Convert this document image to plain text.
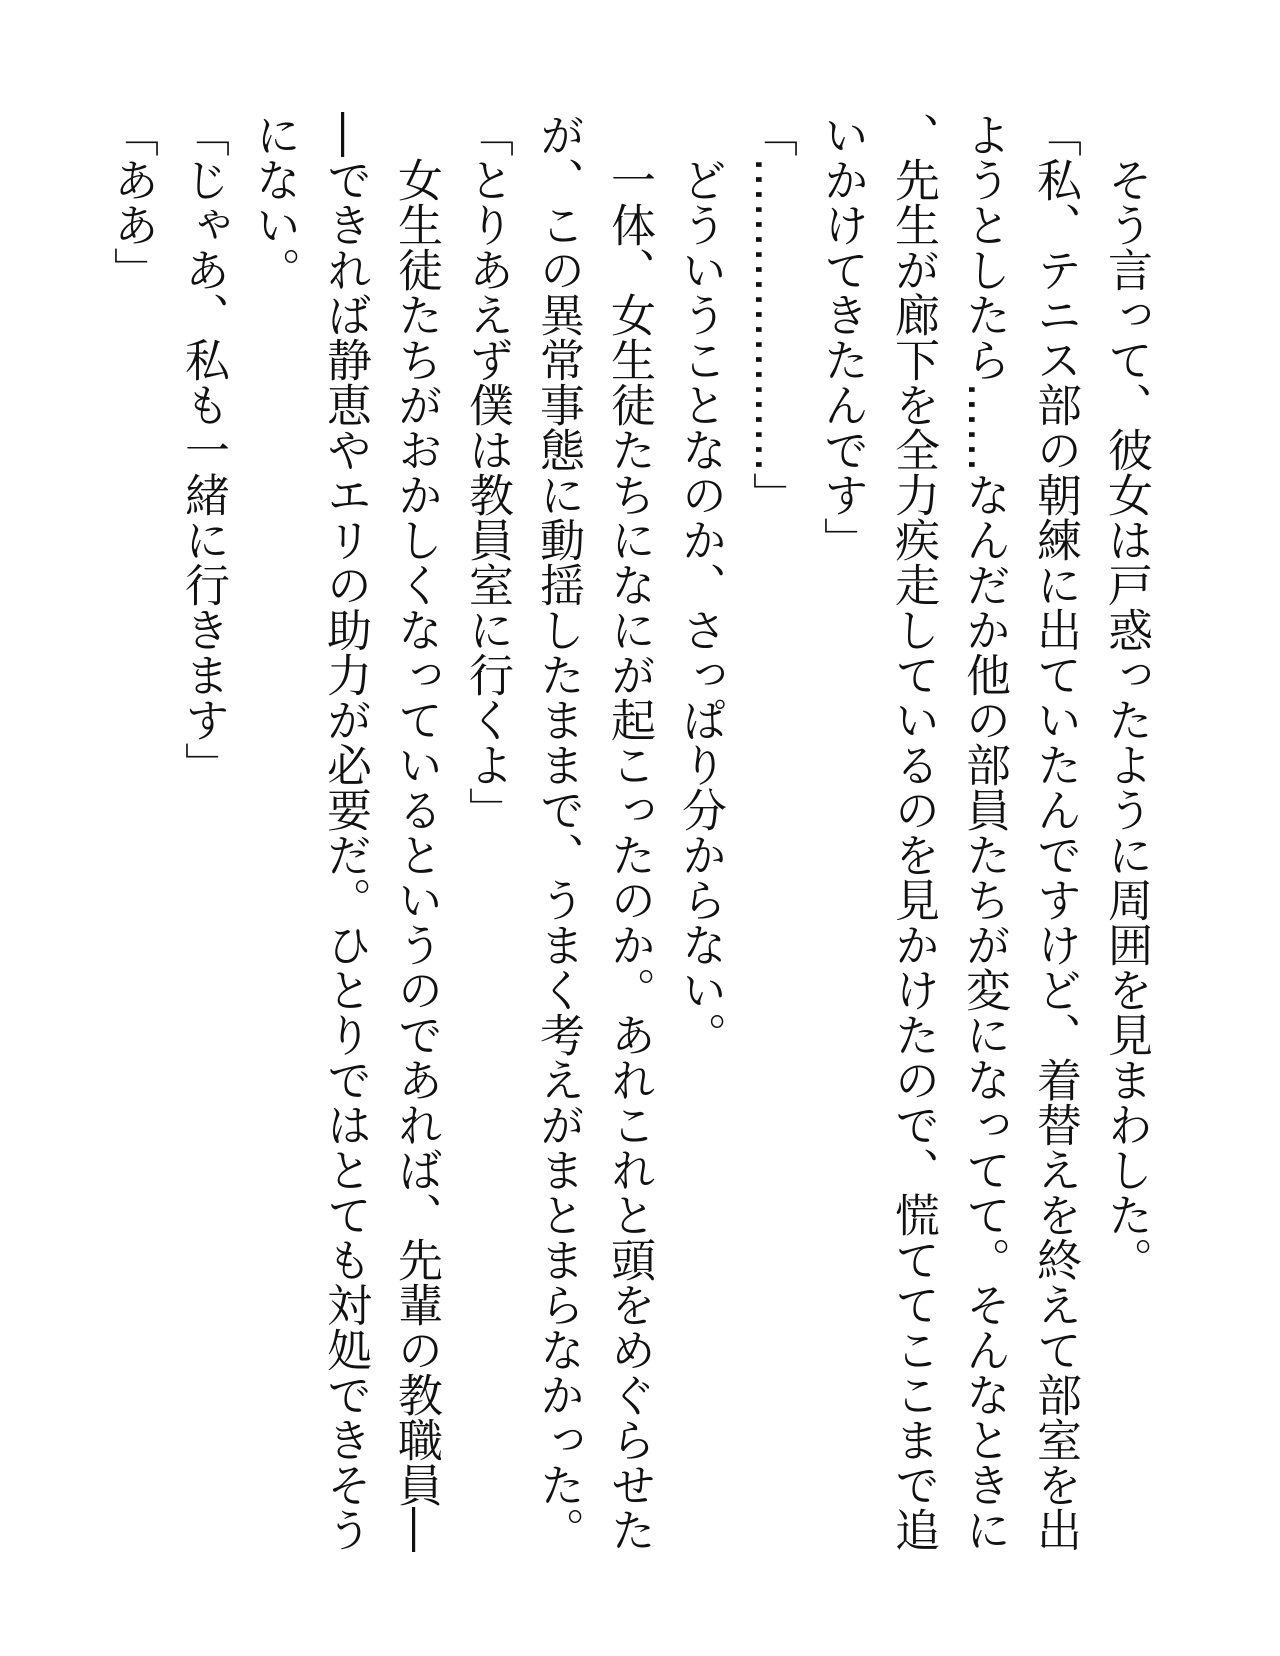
そう言って、彼女は戸惑ったように周囲を見まわした。

「私、テニス部の朝練に出ていたんですけど、着替えを終えて部室を出ようとしたら……なんだか他の部員たちが変になってて。そんなときに、先生が廊下を全力疾走しているのを見かけたので、慌ててここまで追いかけてきたんです」

「…………………」

どういうことなのか、さっぱり分からない。

一体、女生徒たちになにが起こったのか。あれこれと頭をめぐらせたが、この異常事態に動揺したままで、うまく考えがまとまらなかった。

「とりあえず僕は教員室に行くよ」

女生徒たちがおかしくなっているというのであれば、先輩の教職員――できれば静恵やエリの助力が必要だ。ひとりではとても対処できそうにない。

「じゃあ、私も一緒に行きます」

「ああ」
